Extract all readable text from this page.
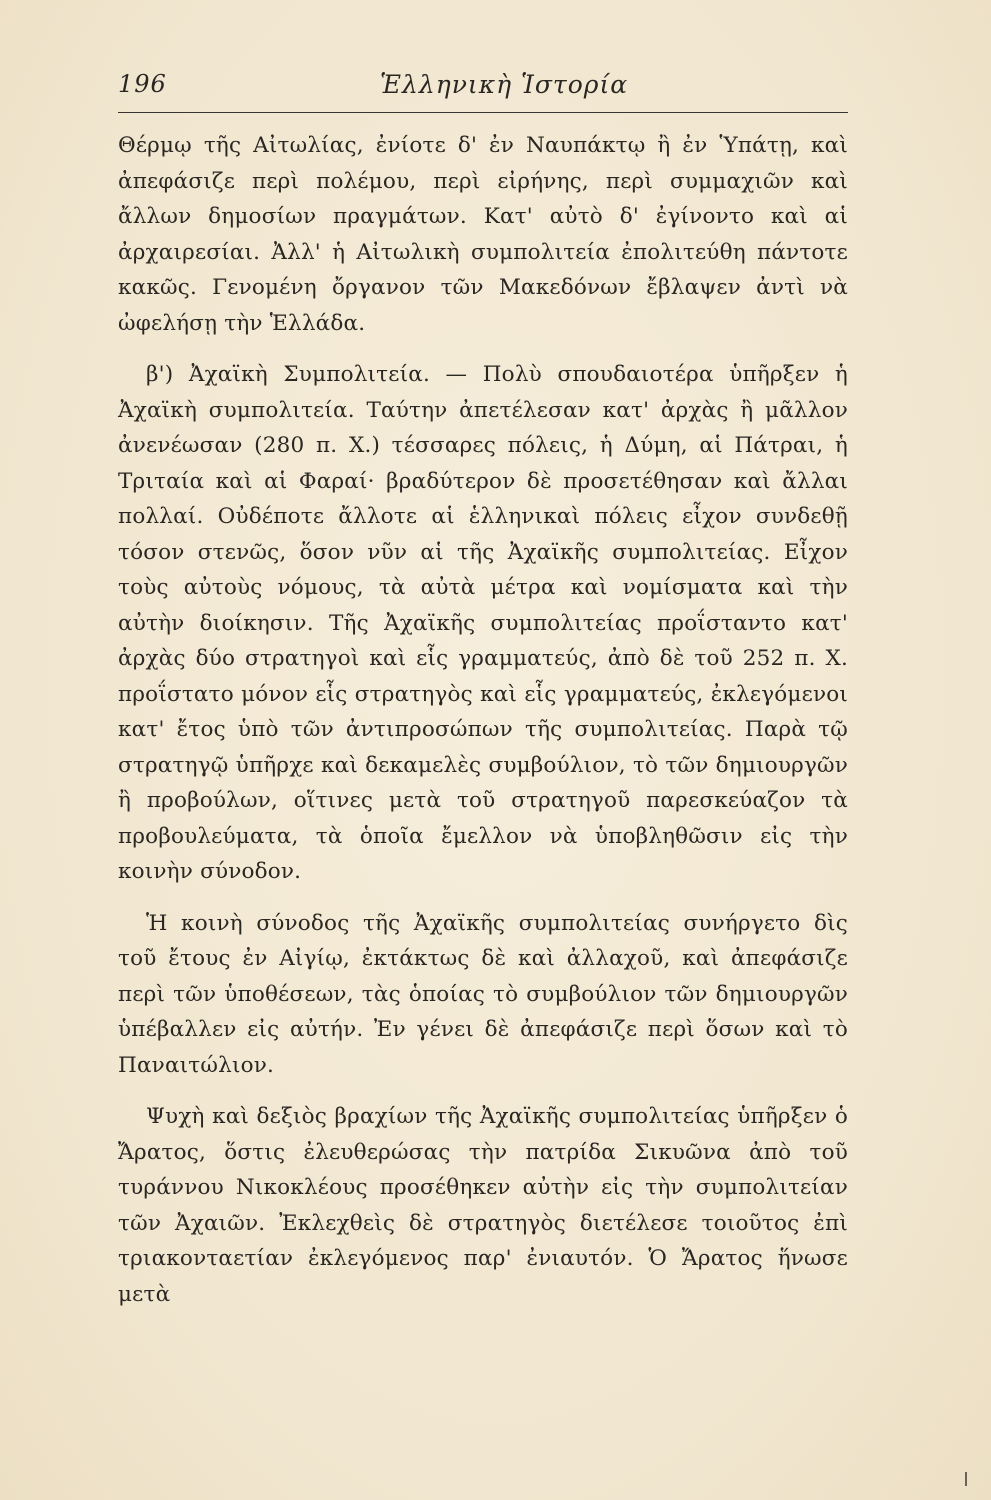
196	Ἑλληνικὴ Ἱστορία

Θέρμῳ τῆς Αἰτωλίας, ἐνίοτε δ' ἐν Ναυπάκτῳ ἢ ἐν Ὑπάτῃ, καὶ ἀπεφάσιζε περὶ πολέμου, περὶ εἰρήνης, περὶ συμμαχιῶν καὶ ἄλλων δημοσίων πραγμάτων. Κατ' αὐτὸ δ' ἐγίνοντο καὶ αἱ ἀρχαιρεσίαι. Ἀλλ' ἡ Αἰτωλικὴ συμπολιτεία ἐπολιτεύθη πάντοτε κακῶς. Γενομένη ὄργανον τῶν Μακεδόνων ἔβλαψεν ἀντὶ νὰ ὠφελήσῃ τὴν Ἑλλάδα.

β') Ἀχαϊκὴ Συμπολιτεία. — Πολὺ σπουδαιοτέρα ὑπῆρξεν ἡ Ἀχαϊκὴ συμπολιτεία. Ταύτην ἀπετέλεσαν κατ' ἀρχὰς ἢ μᾶλλον ἀνενέωσαν (280 π. Χ.) τέσσαρες πόλεις, ἡ Δύμη, αἱ Πάτραι, ἡ Τριταία καὶ αἱ Φαραί· βραδύτερον δὲ προσετέθησαν καὶ ἄλλαι πολλαί. Οὐδέποτε ἄλλοτε αἱ ἑλληνικαὶ πόλεις εἶχον συνδεθῇ τόσον στενῶς, ὅσον νῦν αἱ τῆς Ἀχαϊκῆς συμπολιτείας. Εἶχον τοὺς αὐτοὺς νόμους, τὰ αὐτὰ μέτρα καὶ νομίσματα καὶ τὴν αὐτὴν διοίκησιν. Τῆς Ἀχαϊκῆς συμπολιτείας προΐσταντο κατ' ἀρχὰς δύο στρατηγοὶ καὶ εἷς γραμματεύς, ἀπὸ δὲ τοῦ 252 π. Χ. προΐστατο μόνον εἷς στρατηγὸς καὶ εἷς γραμματεύς, ἐκλεγόμενοι κατ' ἔτος ὑπὸ τῶν ἀντιπροσώπων τῆς συμπολιτείας. Παρὰ τῷ στρατηγῷ ὑπῆρχε καὶ δεκαμελὲς συμβούλιον, τὸ τῶν δημιουργῶν ἢ προβούλων, οἵτινες μετὰ τοῦ στρατηγοῦ παρεσκεύαζον τὰ προβουλεύματα, τὰ ὁποῖα ἔμελλον νὰ ὑποβληθῶσιν εἰς τὴν κοινὴν σύνοδον.

Ἡ κοινὴ σύνοδος τῆς Ἀχαϊκῆς συμπολιτείας συνήργετο δὶς τοῦ ἔτους ἐν Αἰγίῳ, ἐκτάκτως δὲ καὶ ἀλλαχοῦ, καὶ ἀπεφάσιζε περὶ τῶν ὑποθέσεων, τὰς ὁποίας τὸ συμβούλιον τῶν δημιουργῶν ὑπέβαλλεν εἰς αὐτήν. Ἐν γένει δὲ ἀπεφάσιζε περὶ ὅσων καὶ τὸ Παναιτώλιον.

Ψυχὴ καὶ δεξιὸς βραχίων τῆς Ἀχαϊκῆς συμπολιτείας ὑπῆρξεν ὁ Ἄρατος, ὅστις ἐλευθερώσας τὴν πατρίδα Σικυῶνα ἀπὸ τοῦ τυράννου Νικοκλέους προσέθηκεν αὐτὴν εἰς τὴν συμπολιτείαν τῶν Ἀχαιῶν. Ἐκλεχθεὶς δὲ στρατηγὸς διετέλεσε τοιοῦτος ἐπὶ τριακονταετίαν ἐκλεγόμενος παρ' ἐνιαυτόν. Ὁ Ἄρατος ἥνωσε μετὰ
